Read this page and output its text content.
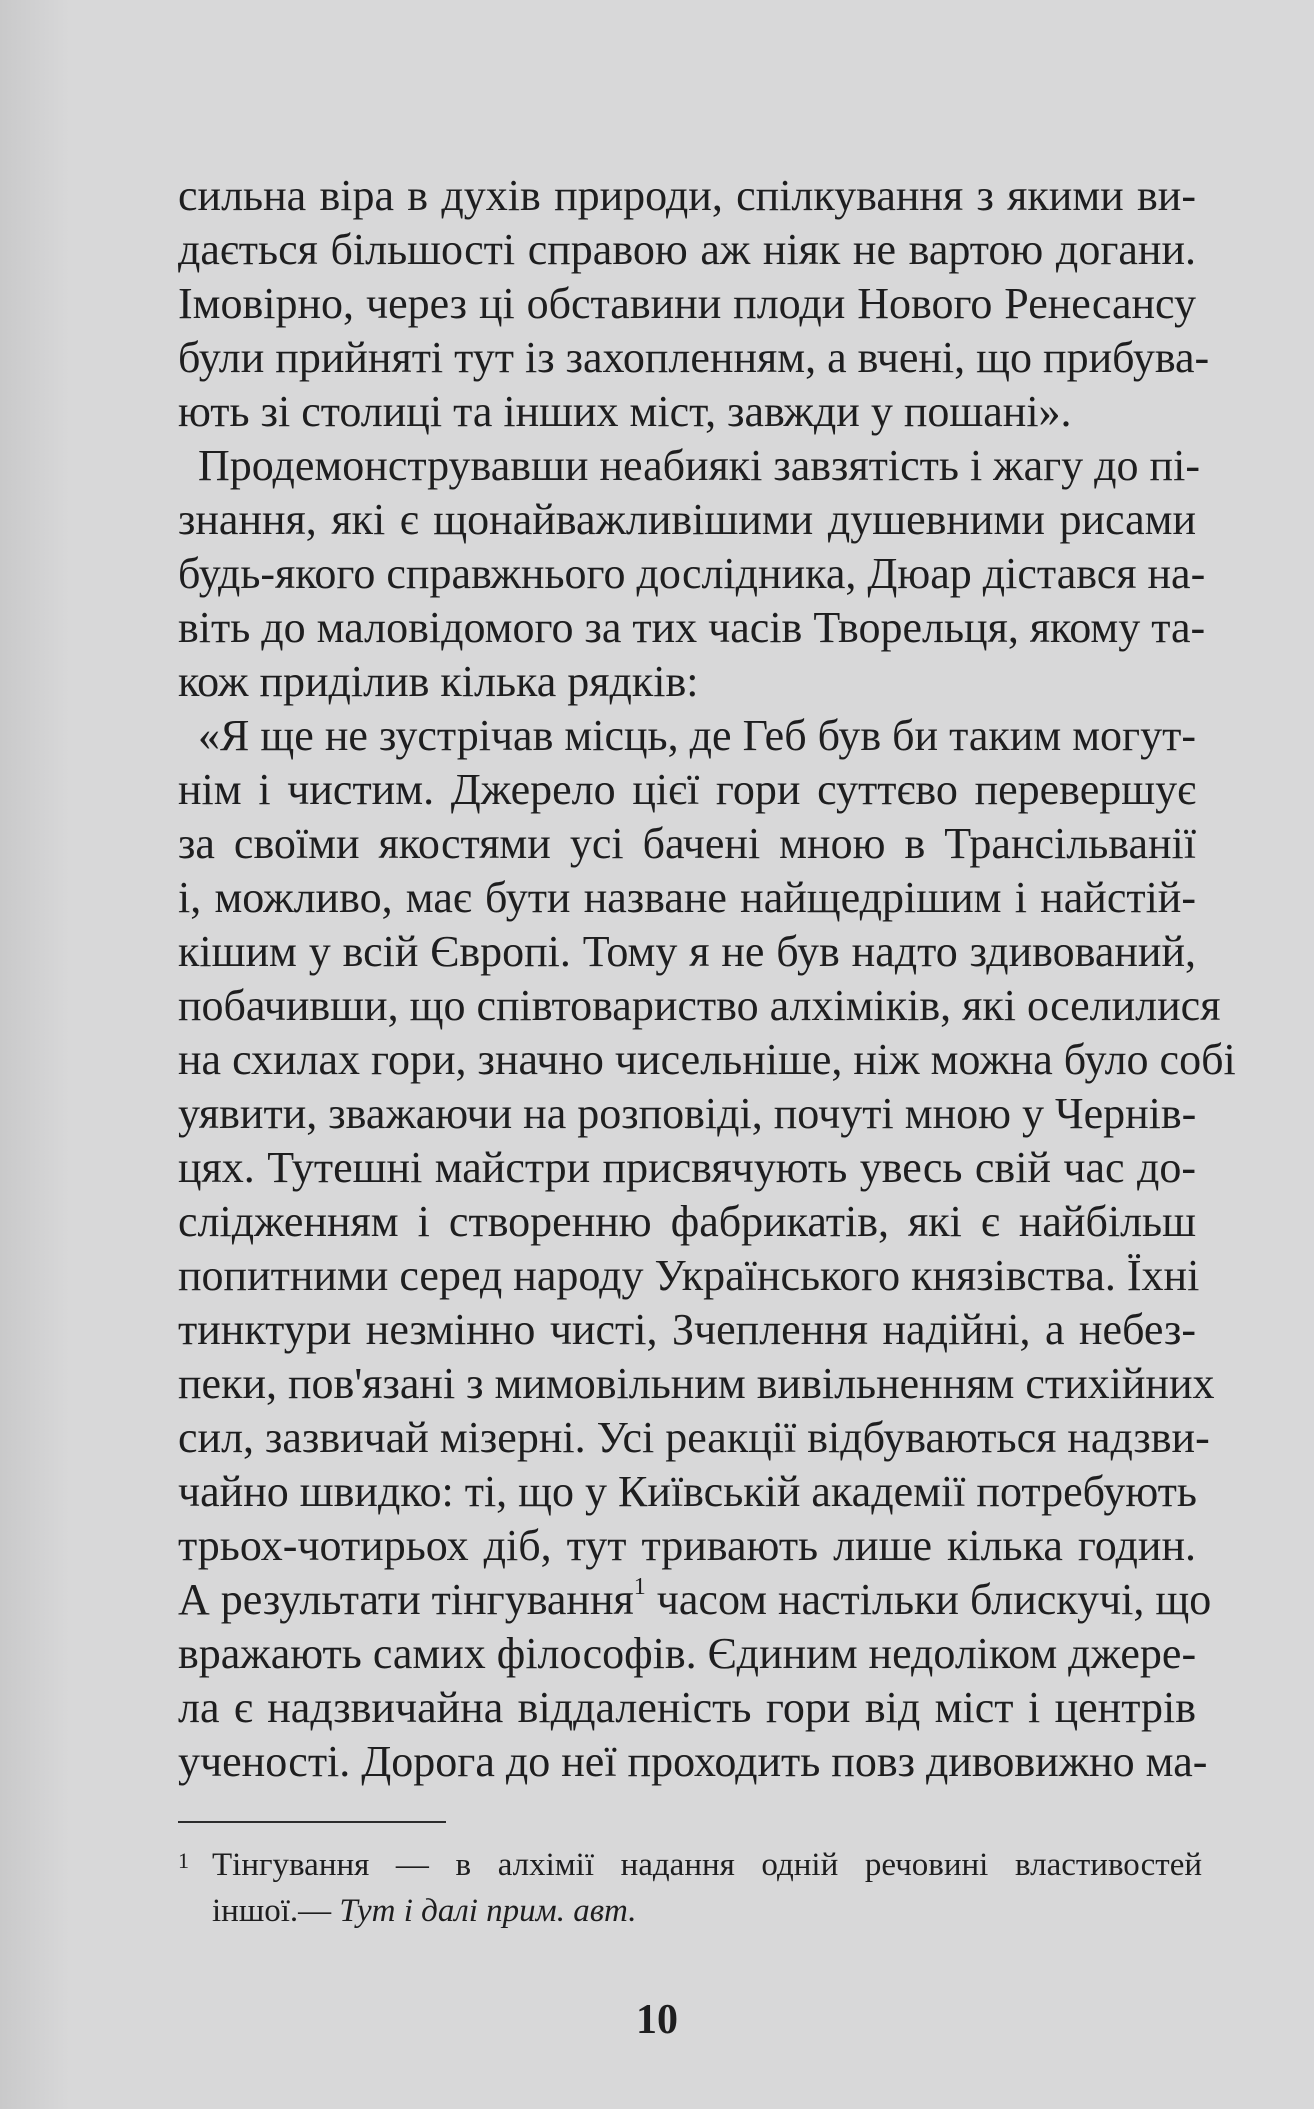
сильна віра в духів природи, спілкування з якими ви-
дається більшості справою аж ніяк не вартою догани.
Імовірно, через ці обставини плоди Нового Ренесансу
були прийняті тут із захопленням, а вчені, що прибува-
ють зі столиці та інших міст, завжди у пошані».
Продемонструвавши неабиякі завзятість і жагу до пі-
знання, які є щонайважливішими душевними рисами
будь-якого справжнього дослідника, Дюар дістався на-
віть до маловідомого за тих часів Творельця, якому та-
кож приділив кілька рядків:
«Я ще не зустрічав місць, де Геб був би таким могут-
нім і чистим. Джерело цієї гори суттєво перевершує
за своїми якостями усі бачені мною в Трансільванії
і, можливо, має бути назване найщедрішим і найстій-
кішим у всій Європі. Тому я не був надто здивований,
побачивши, що співтовариство алхіміків, які оселилися
на схилах гори, значно чисельніше, ніж можна було собі
уявити, зважаючи на розповіді, почуті мною у Чернів-
цях. Тутешні майстри присвячують увесь свій час до-
слідженням і створенню фабрикатів, які є найбільш
попитними серед народу Українського князівства. Їхні
тинктури незмінно чисті, Зчеплення надійні, а небез-
пеки, пов'язані з мимовільним вивільненням стихійних
сил, зазвичай мізерні. Усі реакції відбуваються надзви-
чайно швидко: ті, що у Київській академії потребують
трьох-чотирьох діб, тут тривають лише кілька годин.
А результати тінгування$^1$ часом настільки блискучі, що
вражають самих філософів. Єдиним недоліком джере-
ла є надзвичайна віддаленість гори від міст і центрів
ученості. Дорога до неї проходить повз дивовижно ма-
1 Тінгування — в алхімії надання одній речовині властивостей
іншої.— Тут і далі прим. авт.
10
